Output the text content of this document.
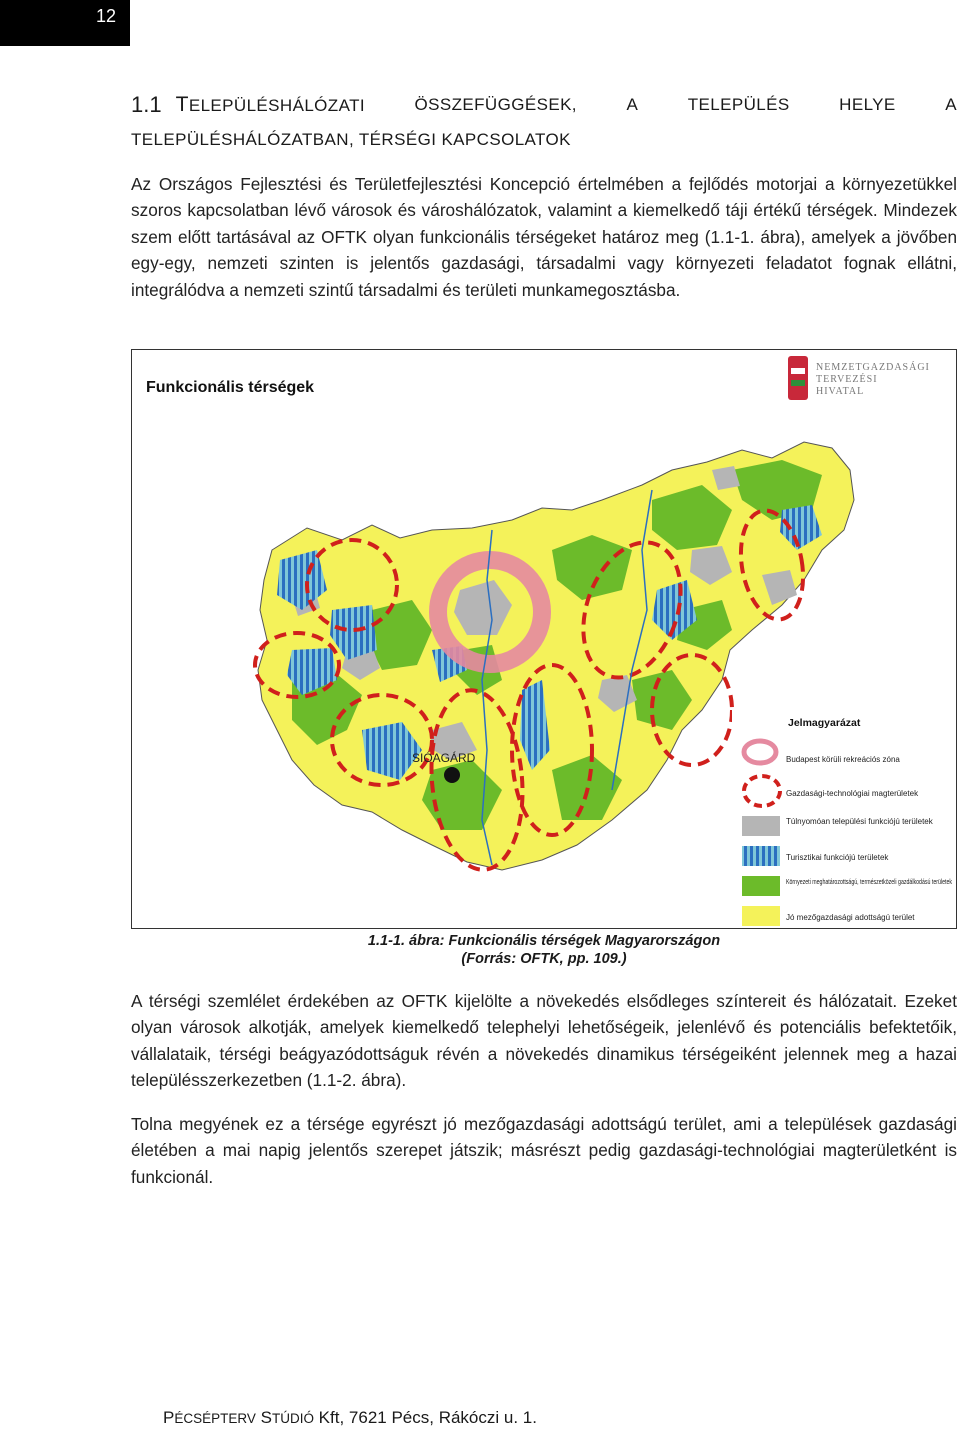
12
1.1 TELEPÜLÉSHÁLÓZATI	ÖSSZEFÜGGÉSEK,	A	TELEPÜLÉS	HELYE	A
TELEPÜLÉSHÁLÓZATBAN, TÉRSÉGI KAPCSOLATOK

Az Országos Fejlesztési és Területfejlesztési Koncepció értelmében a fejlődés motorjai a környezetükkel szoros kapcsolatban lévő városok és városhálózatok, valamint a kiemelkedő táji értékű térségek. Mindezek szem előtt tartásával az OFTK olyan funkcionális térségeket határoz meg (1.1-1. ábra), amelyek a jövőben egy-egy, nemzeti szinten is jelentős gazdasági, társadalmi vagy környezeti feladatot fognak ellátni, integrálódva a nemzeti szintű társadalmi és területi munkamegosztásba.

SIÓAGÁRD
Funkcionális térségek
NEMZETGAZDASÁGI
TERVEZÉSI
HIVATAL
Jelmagyarázat
Budapest körüli rekreációs zóna
Gazdasági-technológiai magterületek
Túlnyomóan települési funkciójú területek
Turisztikai funkciójú területek
Környezeti meghatározottságú, természetközeli gazdálkodású területek
Jó mezőgazdasági adottságú terület
1.1-1. ábra: Funkcionális térségek Magyarországon
(Forrás: OFTK, pp. 109.)

A térségi szemlélet érdekében az OFTK kijelölte a növekedés elsődleges színtereit és hálózatait. Ezeket olyan városok alkotják, amelyek kiemelkedő telephelyi lehetőségeik, jelenlévő és potenciális befektetőik, vállalataik, térségi beágyazódottságuk révén a növekedés dinamikus térségeiként jelennek meg a hazai településszerkezetben (1.1-2. ábra).

Tolna megyének ez a térsége egyrészt jó mezőgazdasági adottságú terület, ami a települések gazdasági életében a mai napig jelentős szerepet játszik; másrészt pedig gazdasági-technológiai magterületként is funkcionál.

PÉCSÉPTERV STÚDIÓ Kft, 7621 Pécs, Rákóczi u. 1.
